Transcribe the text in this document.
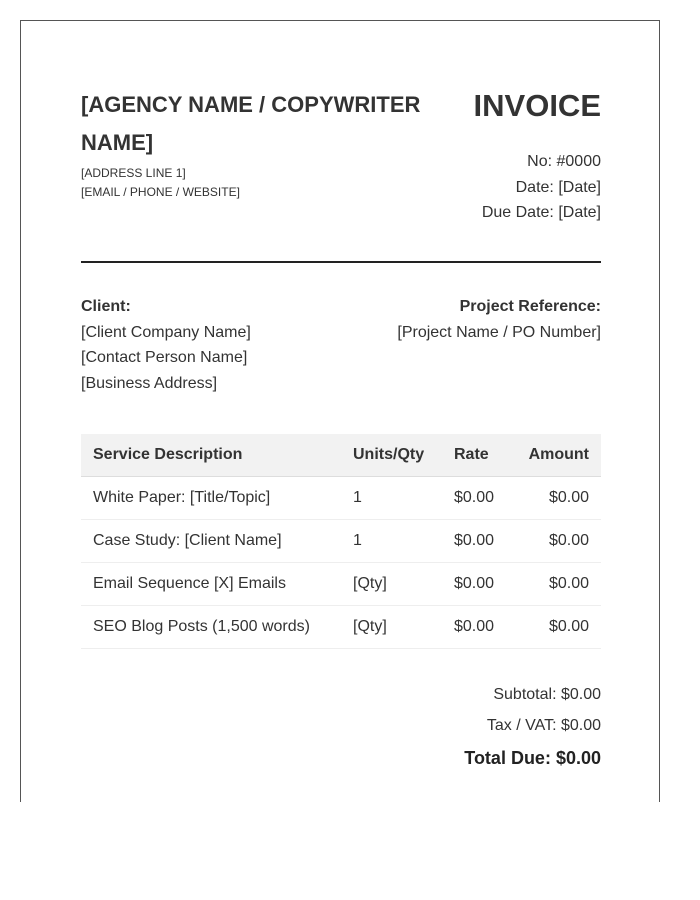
[AGENCY NAME / COPYWRITER NAME]
[ADDRESS LINE 1]
[EMAIL / PHONE / WEBSITE]
INVOICE
No: #0000
Date: [Date]
Due Date: [Date]
Client:
[Client Company Name]
[Contact Person Name]
[Business Address]
Project Reference:
[Project Name / PO Number]
Service Description	Units/Qty	Rate	Amount
White Paper: [Title/Topic]	1	$0.00	$0.00
Case Study: [Client Name]	1	$0.00	$0.00
Email Sequence [X] Emails	[Qty]	$0.00	$0.00
SEO Blog Posts (1,500 words)	[Qty]	$0.00	$0.00
Subtotal: $0.00
Tax / VAT: $0.00
Total Due: $0.00
